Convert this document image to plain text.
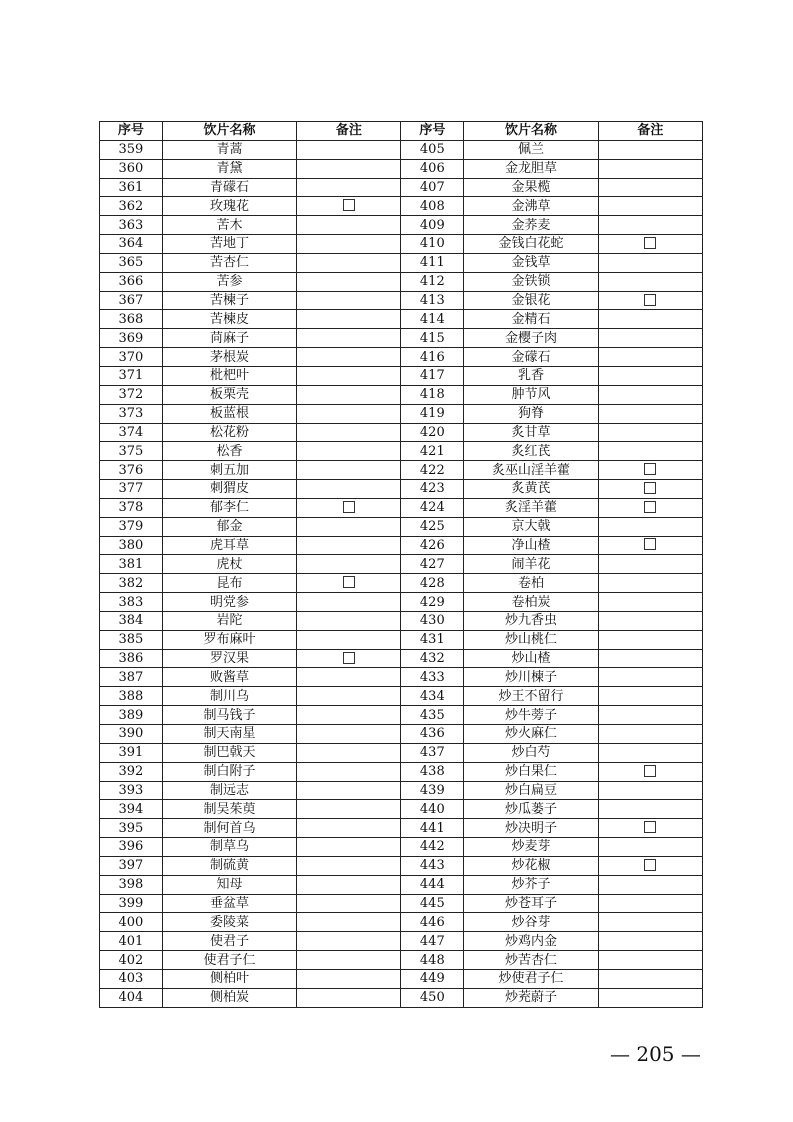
序号	饮片名称	备注	序号	饮片名称	备注
359	青蒿		405	佩兰	
360	青黛		406	金龙胆草	
361	青礞石		407	金果榄	
362	玫瑰花		408	金沸草	
363	苦木		409	金荞麦	
364	苦地丁		410	金钱白花蛇	
365	苦杏仁		411	金钱草	
366	苦参		412	金铁锁	
367	苦楝子		413	金银花	
368	苦楝皮		414	金精石	
369	苘麻子		415	金樱子肉	
370	茅根炭		416	金礞石	
371	枇杷叶		417	乳香	
372	板栗壳		418	肿节风	
373	板蓝根		419	狗脊	
374	松花粉		420	炙甘草	
375	松香		421	炙红芪	
376	刺五加		422	炙巫山淫羊藿	
377	刺猬皮		423	炙黄芪	
378	郁李仁		424	炙淫羊藿	
379	郁金		425	京大戟	
380	虎耳草		426	净山楂	
381	虎杖		427	闹羊花	
382	昆布		428	卷柏	
383	明党参		429	卷柏炭	
384	岩陀		430	炒九香虫	
385	罗布麻叶		431	炒山桃仁	
386	罗汉果		432	炒山楂	
387	败酱草		433	炒川楝子	
388	制川乌		434	炒王不留行	
389	制马钱子		435	炒牛蒡子	
390	制天南星		436	炒火麻仁	
391	制巴戟天		437	炒白芍	
392	制白附子		438	炒白果仁	
393	制远志		439	炒白扁豆	
394	制吴茱萸		440	炒瓜蒌子	
395	制何首乌		441	炒决明子	
396	制草乌		442	炒麦芽	
397	制硫黄		443	炒花椒	
398	知母		444	炒芥子	
399	垂盆草		445	炒苍耳子	
400	委陵菜		446	炒谷芽	
401	使君子		447	炒鸡内金	
402	使君子仁		448	炒苦杏仁	
403	侧柏叶		449	炒使君子仁	
404	侧柏炭		450	炒茺蔚子	
— 205 —
